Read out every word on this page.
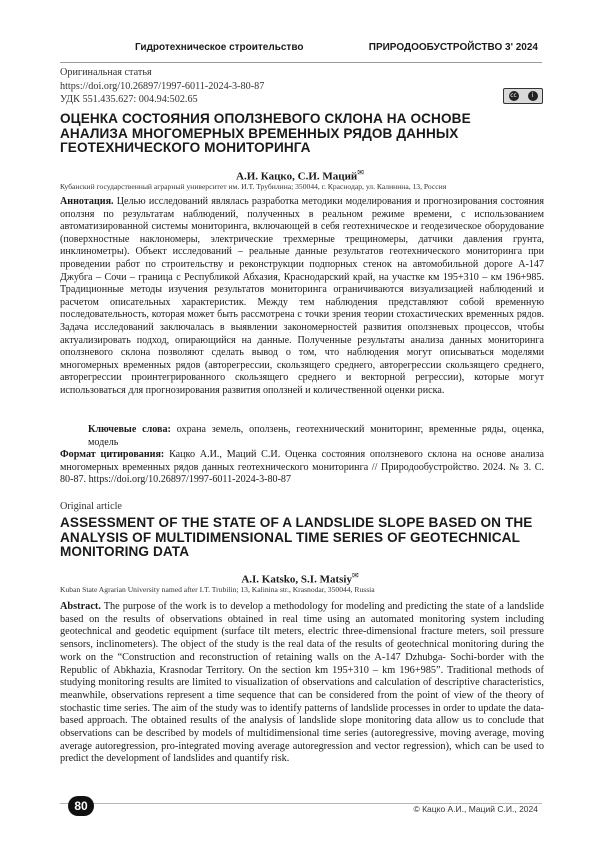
Гидротехническое строительство	ПРИРОДООБУСТРОЙСТВО 3' 2024
Оригинальная статья
https://doi.org/10.26897/1997-6011-2024-3-80-87
УДК 551.435.627: 004.94:502.65	cc	i
ОЦЕНКА СОСТОЯНИЯ ОПОЛЗНЕВОГО СКЛОНА НА ОСНОВЕ АНАЛИЗА МНОГОМЕРНЫХ ВРЕМЕННЫХ РЯДОВ ДАННЫХ ГЕОТЕХНИЧЕСКОГО МОНИТОРИНГА
А.И. Кацко, С.И. Маций✉
Кубанский государственный аграрный университет им. И.Т. Трубилина; 350044, г. Краснодар, ул. Калинина, 13, Россия
Аннотация. Целью исследований являлась разработка методики моделирования и прогнозирования состояния оползня по результатам наблюдений, полученных в реальном режиме времени, с использованием автоматизированной системы мониторинга, включающей в себя геотехническое и геодезическое оборудование (поверхностные наклономеры, электрические трехмерные трещиномеры, датчики давления грунта, инклинометры). Объект исследований – реальные данные результатов геотехнического мониторинга при проведении работ по строительству и реконструкции подпорных стенок на автомобильной дороге А-147 Джубга – Сочи – граница с Республикой Абхазия, Краснодарский край, на участке км 195+310 – км 196+985. Традиционные методы изучения результатов мониторинга ограничиваются визуализацией наблюдений и расчетом описательных характеристик. Между тем наблюдения представляют собой временную последовательность, которая может быть рассмотрена с точки зрения теории стохастических временных рядов. Задача исследований заключалась в выявлении закономерностей развития оползневых процессов, чтобы актуализировать подход, опирающийся на данные. Полученные результаты анализа данных мониторинга оползневого склона позволяют сделать вывод о том, что наблюдения могут описываться моделями многомерных временных рядов (авторегрессии, скользящего среднего, авторегрессии скользящего среднего, авторегрессии проинтегрированного скользящего среднего и векторной регрессии), которые могут использоваться для прогнозирования развития оползней и количественной оценки риска.
Ключевые слова: охрана земель, оползень, геотехнический мониторинг, временные ряды, оценка, модель
Формат цитирования: Кацко А.И., Маций С.И. Оценка состояния оползневого склона на основе анализа многомерных временных рядов данных геотехнического мониторинга // Природообустройство. 2024. № 3. С. 80-87. https://doi.org/10.26897/1997-6011-2024-3-80-87
Original article
ASSESSMENT OF THE STATE OF A LANDSLIDE SLOPE BASED ON THE ANALYSIS OF MULTIDIMENSIONAL TIME SERIES OF GEOTECHNICAL MONITORING DATA
A.I. Katsko, S.I. Matsiy✉
Kuban State Agrarian University named after I.T. Trubilin; 13, Kalinina str., Krasnodar, 350044, Russia
Abstract. The purpose of the work is to develop a methodology for modeling and predicting the state of a landslide based on the results of observations obtained in real time using an automated monitoring system including geotechnical and geodetic equipment (surface tilt meters, electric three-dimensional fracture meters, soil pressure sensors, inclinometers). The object of the study is the real data of the results of geotechnical monitoring during the work on the “Construction and reconstruction of retaining walls on the A-147 Dzhubga- Sochi-border with the Republic of Abkhazia, Krasnodar Territory. On the section km 195+310 – km 196+985”. Traditional methods of studying monitoring results are limited to visualization of observations and calculation of descriptive characteristics, meanwhile, observations represent a time sequence that can be considered from the point of view of the theory of stochastic time series. The aim of the study was to identify patterns of landslide processes in order to update the data-based approach. The obtained results of the analysis of landslide slope monitoring data allow us to conclude that observations can be described by models of multidimensional time series (autoregressive, moving average, moving average autoregression, pro-integrated moving average autoregression and vector regression), which can be used to predict the development of landslides and quantify risk.
80	© Кацко А.И., Маций С.И., 2024
